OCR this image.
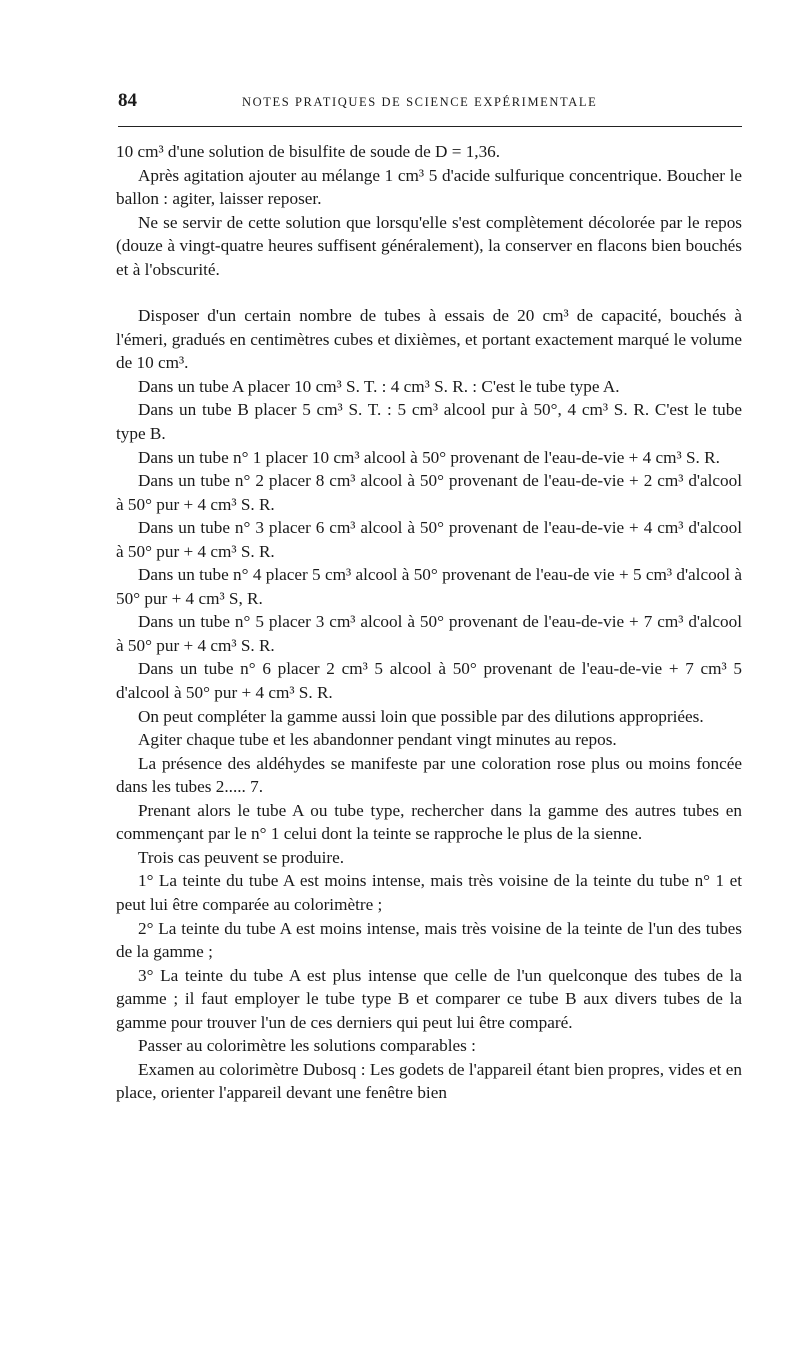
84	NOTES PRATIQUES DE SCIENCE EXPÉRIMENTALE

10 cm³ d'une solution de bisulfite de soude de D = 1,36.

Après agitation ajouter au mélange 1 cm³ 5 d'acide sulfurique concentrique. Boucher le ballon : agiter, laisser reposer.

Ne se servir de cette solution que lorsqu'elle s'est complètement décolorée par le repos (douze à vingt-quatre heures suffisent généralement), la conserver en flacons bien bouchés et à l'obscurité.

Disposer d'un certain nombre de tubes à essais de 20 cm³ de capacité, bouchés à l'émeri, gradués en centimètres cubes et dixièmes, et portant exactement marqué le volume de 10 cm³.

Dans un tube A placer 10 cm³ S. T. : 4 cm³ S. R. : C'est le tube type A.

Dans un tube B placer 5 cm³ S. T. : 5 cm³ alcool pur à 50°, 4 cm³ S. R. C'est le tube type B.

Dans un tube n° 1 placer 10 cm³ alcool à 50° provenant de l'eau-de-vie + 4 cm³ S. R.

Dans un tube n° 2 placer 8 cm³ alcool à 50° provenant de l'eau-de-vie + 2 cm³ d'alcool à 50° pur + 4 cm³ S. R.

Dans un tube n° 3 placer 6 cm³ alcool à 50° provenant de l'eau-de-vie + 4 cm³ d'alcool à 50° pur + 4 cm³ S. R.

Dans un tube n° 4 placer 5 cm³ alcool à 50° provenant de l'eau-de vie + 5 cm³ d'alcool à 50° pur + 4 cm³ S, R.

Dans un tube n° 5 placer 3 cm³ alcool à 50° provenant de l'eau-de-vie + 7 cm³ d'alcool à 50° pur + 4 cm³ S. R.

Dans un tube n° 6 placer 2 cm³ 5 alcool à 50° provenant de l'eau-de-vie + 7 cm³ 5 d'alcool à 50° pur + 4 cm³ S. R.

On peut compléter la gamme aussi loin que possible par des dilutions appropriées.

Agiter chaque tube et les abandonner pendant vingt minutes au repos.

La présence des aldéhydes se manifeste par une coloration rose plus ou moins foncée dans les tubes 2..... 7.

Prenant alors le tube A ou tube type, rechercher dans la gamme des autres tubes en commençant par le n° 1 celui dont la teinte se rapproche le plus de la sienne.

Trois cas peuvent se produire.

1° La teinte du tube A est moins intense, mais très voisine de la teinte du tube n° 1 et peut lui être comparée au colorimètre ;

2° La teinte du tube A est moins intense, mais très voisine de la teinte de l'un des tubes de la gamme ;

3° La teinte du tube A est plus intense que celle de l'un quelconque des tubes de la gamme ; il faut employer le tube type B et comparer ce tube B aux divers tubes de la gamme pour trouver l'un de ces derniers qui peut lui être comparé.

Passer au colorimètre les solutions comparables :

Examen au colorimètre Dubosq : Les godets de l'appareil étant bien propres, vides et en place, orienter l'appareil devant une fenêtre bien
